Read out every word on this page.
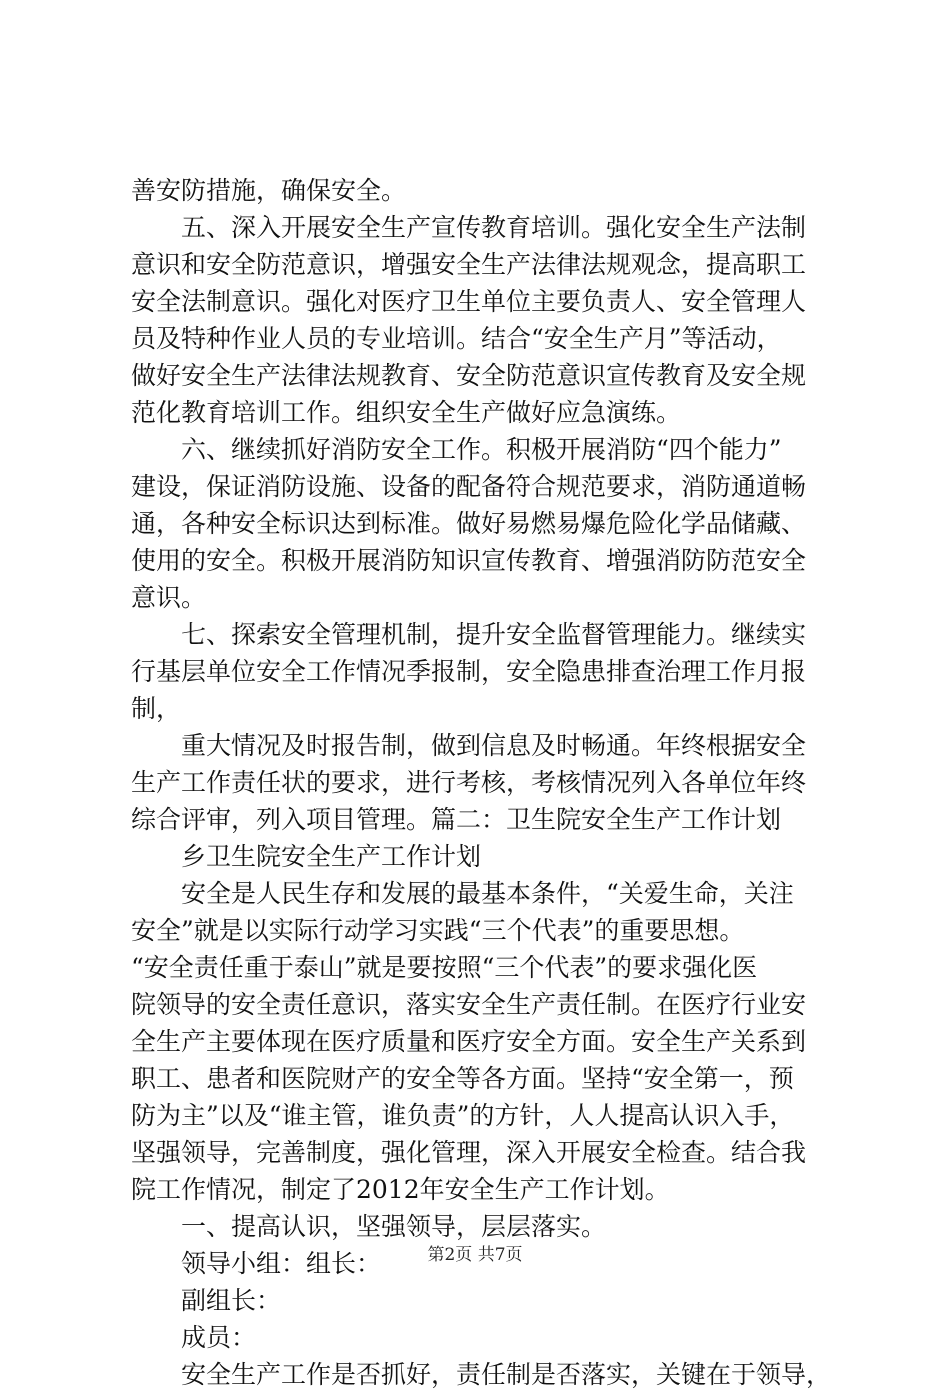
善安防措施，确保安全。
五、深入开展安全生产宣传教育培训。强化安全生产法制
意识和安全防范意识，增强安全生产法律法规观念，提高职工
安全法制意识。强化对医疗卫生单位主要负责人、安全管理人
员及特种作业人员的专业培训。结合“安全生产月”等活动，
做好安全生产法律法规教育、安全防范意识宣传教育及安全规
范化教育培训工作。组织安全生产做好应急演练。
六、继续抓好消防安全工作。积极开展消防“四个能力”
建设，保证消防设施、设备的配备符合规范要求，消防通道畅
通，各种安全标识达到标准。做好易燃易爆危险化学品储藏、
使用的安全。积极开展消防知识宣传教育、增强消防防范安全
意识。
七、探索安全管理机制，提升安全监督管理能力。继续实
行基层单位安全工作情况季报制，安全隐患排查治理工作月报
制，
重大情况及时报告制，做到信息及时畅通。年终根据安全
生产工作责任状的要求，进行考核，考核情况列入各单位年终
综合评审，列入项目管理。篇二：卫生院安全生产工作计划
乡卫生院安全生产工作计划
安全是人民生存和发展的最基本条件，“关爱生命，关注
安全”就是以实际行动学习实践“三个代表”的重要思想。
“安全责任重于泰山”就是要按照“三个代表”的要求强化医
院领导的安全责任意识，落实安全生产责任制。在医疗行业安
全生产主要体现在医疗质量和医疗安全方面。安全生产关系到
职工、患者和医院财产的安全等各方面。坚持“安全第一，预
防为主”以及“谁主管，谁负责”的方针，人人提高认识入手，
坚强领导，完善制度，强化管理，深入开展安全检查。结合我
院工作情况，制定了2012年安全生产工作计划。
一、提高认识，坚强领导，层层落实。
领导小组：组长：
副组长：
成员：
安全生产工作是否抓好，责任制是否落实，关键在于领导，
第2页 共7页
